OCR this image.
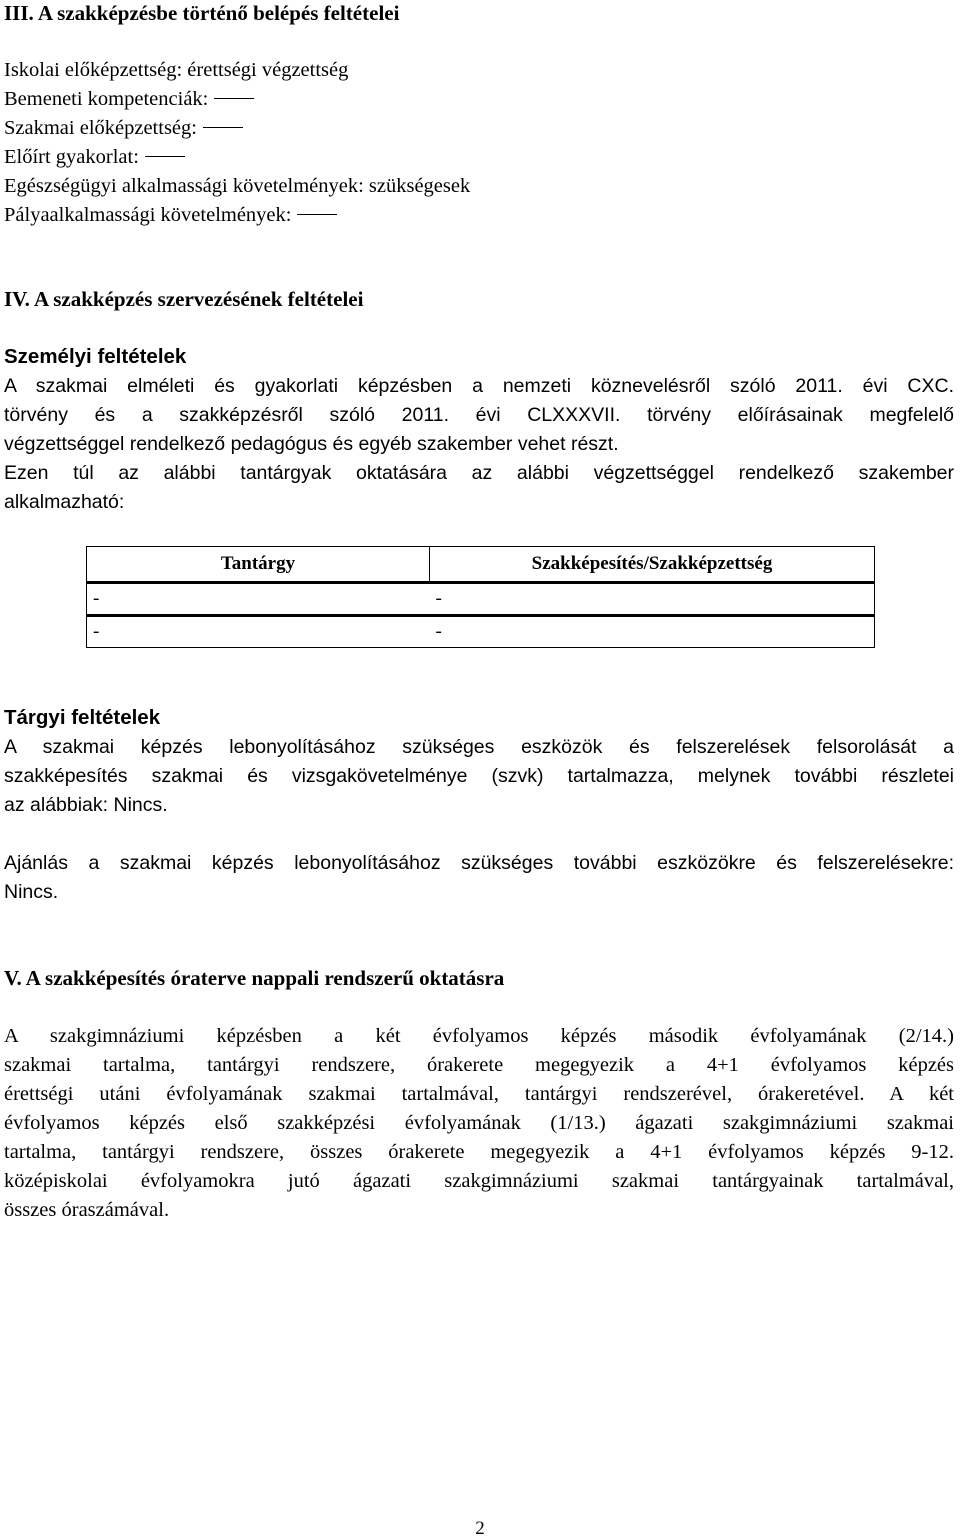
III. A szakképzésbe történő belépés feltételei
Iskolai előképzettség: érettségi végzettség
Bemeneti kompetenciák:
Szakmai előképzettség:
Előírt gyakorlat:
Egészségügyi alkalmassági követelmények: szükségesek
Pályaalkalmassági követelmények:
IV. A szakképzés szervezésének feltételei
Személyi feltételek
A szakmai elméleti és gyakorlati képzésben a nemzeti köznevelésről szóló 2011. évi CXC.
törvény és a szakképzésről szóló 2011. évi CLXXXVII. törvény előírásainak megfelelő
végzettséggel rendelkező pedagógus és egyéb szakember vehet részt.
Ezen túl az alábbi tantárgyak oktatására az alábbi végzettséggel rendelkező szakember
alkalmazható:
Tantárgy	Szakképesítés/Szakképzettség
-	-
-	-
Tárgyi feltételek
A szakmai képzés lebonyolításához szükséges eszközök és felszerelések felsorolását a
szakképesítés szakmai és vizsgakövetelménye (szvk) tartalmazza, melynek további részletei
az alábbiak: Nincs.
Ajánlás a szakmai képzés lebonyolításához szükséges további eszközökre és felszerelésekre:
Nincs.
V. A szakképesítés óraterve nappali rendszerű oktatásra
A szakgimnáziumi képzésben a két évfolyamos képzés második évfolyamának (2/14.)
szakmai tartalma, tantárgyi rendszere, órakerete megegyezik a 4+1 évfolyamos képzés
érettségi utáni évfolyamának szakmai tartalmával, tantárgyi rendszerével, órakeretével. A két
évfolyamos képzés első szakképzési évfolyamának (1/13.) ágazati szakgimnáziumi szakmai
tartalma, tantárgyi rendszere, összes órakerete megegyezik a 4+1 évfolyamos képzés 9-12.
középiskolai évfolyamokra jutó ágazati szakgimnáziumi szakmai tantárgyainak tartalmával,
összes óraszámával.
2
